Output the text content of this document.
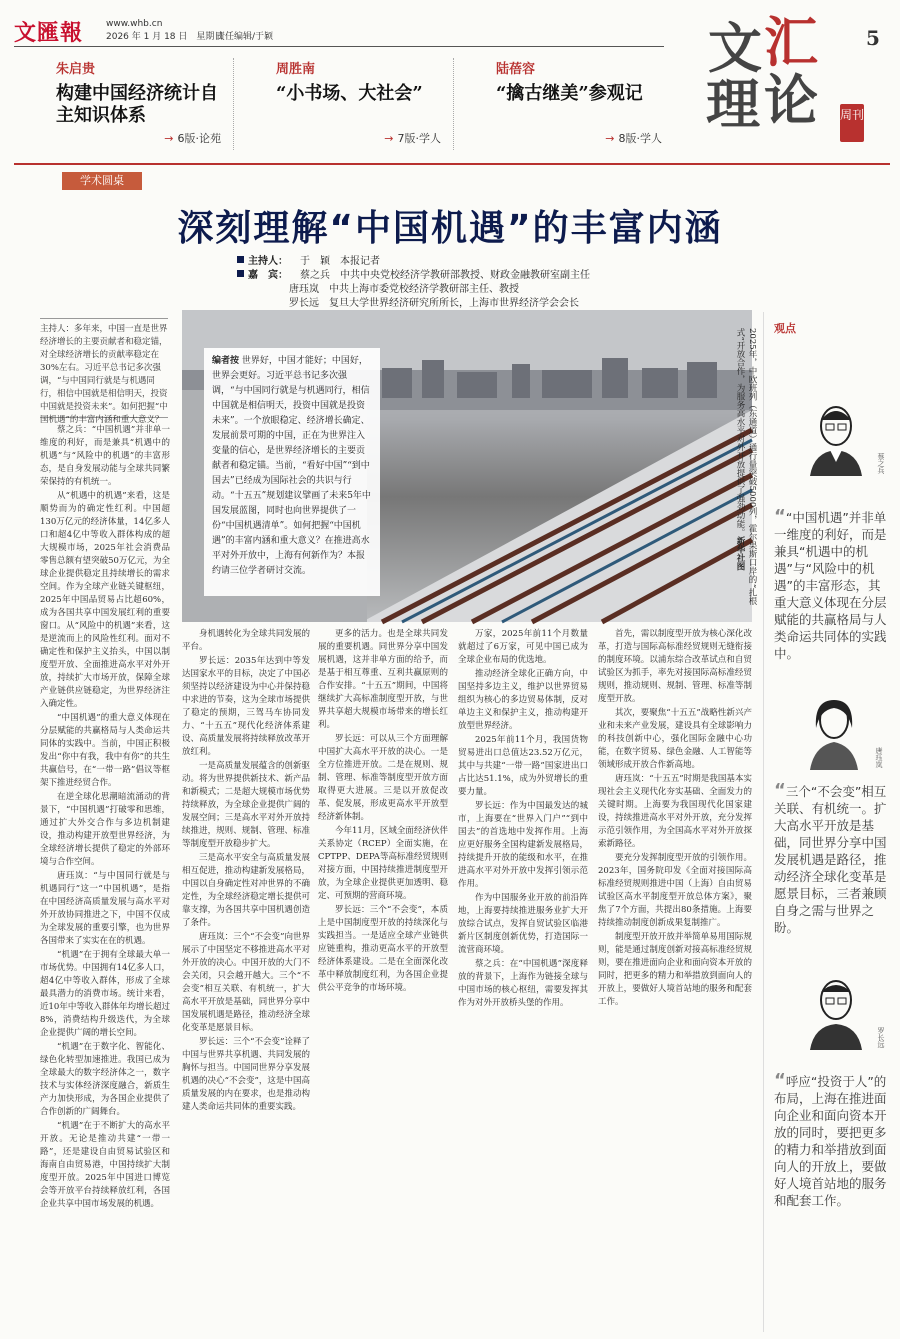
文匯報	www.whb.cn
2026 年 1 月 18 日　星期日
责任编辑/于颖
朱启贵
构建中国经济统计自主知识体系
→ 6版·论苑
周胜南
“小书场、大社会”
→ 7版·学人
陆蓓容
“擒古继美”参观记
→ 8版·学人
文 汇
理 论 周刊
5
学术圆桌
深刻理解“中国机遇”的丰富内涵
主持人： 于　颖　本报记者
嘉　宾： 蔡之兵　中共中央党校经济学教研部教授、财政金融教研室副主任
唐珏岚　中共上海市委党校经济学教研部主任、教授
罗长远　复旦大学世界经济研究所所长，上海市世界经济学会会长
主持人：多年来，中国一直是世界经济增长的主要贡献者和稳定锚，对全球经济增长的贡献率稳定在30%左右。习近平总书记多次强调，“与中国同行就是与机遇同行，相信中国就是相信明天，投资中国就是投资未来”。如何把握“中国机遇”的丰富内涵和重大意义？
编者按 世界好，中国才能好；中国好，世界会更好。习近平总书记多次强调，“与中国同行就是与机遇同行，相信中国就是相信明天，投资中国就是投资未来”。一个放眼稳定、经济增长确定、发展前景可期的中国，正在为世界注入变量的信心，是世界经济增长的主要贡献者和稳定锚。当前，“看好中国”“到中国去”已经成为国际社会的共识与行动。“十五五”规划建议擘画了未来5年中国发展蓝图，同时也向世界提供了一份“中国机遇清单”。如何把握“中国机遇”的丰富内涵和重大意义？在推进高水平对外开放中，上海有何新作为？本报约请三位学者研讨交流。	2025年，中欧班列（东通道）通行量突破5000列，霍尔果斯口岸的“扎根式”开放合作，为服务高水平对外开放提供了强劲动能。新华社图
观点
蔡之兵
““中国机遇”并非单一维度的利好，而是兼具“机遇中的机遇”与“风险中的机遇”的丰富形态，其重大意义体现在分层赋能的共赢格局与人类命运共同体的实践中。
唐珏岚
“三个“不会变”相互关联、有机统一。扩大高水平开放是基础，同世界分享中国发展机遇是路径，推动经济全球化变革是愿景目标，三者兼顾自身之需与世界之盼。
罗长远
“呼应“投资于人”的布局，上海在推进面向企业和面向资本开放的同时，要把更多的精力和举措放到面向人的开放上，要做好人境首站地的服务和配套工作。

蔡之兵：“中国机遇”并非单一维度的利好，而是兼具“机遇中的机遇”与“风险中的机遇”的丰富形态，是自身发展动能与全球共同繁荣保持的有机统一。

从“机遇中的机遇”来看，这是顺势而为的确定性红利。中国超130万亿元的经济体量，14亿多人口和超4亿中等收入群体构成的超大规模市场，2025年社会消费品零售总额有望突破50万亿元，为全球企业提供稳定且持续增长的需求空间。作为全球产业链关键枢纽，2025年中国品贸易占比超60%，成为各国共享中国发展红利的重要窗口。从“风险中的机遇”来看，这是逆流而上的风险性红利。面对不确定性和保护主义抬头，中国以制度型开放、全面推进高水平对外开放，持续扩大市场开放，保障全球产业链供应链稳定，为世界经济注入确定性。

“中国机遇”的重大意义体现在分层赋能的共赢格局与人类命运共同体的实践中。当前，中国正积极发出“你中有我，我中有你”的共生共赢信号，在“一带一路”倡议等框架下推进经贸合作。

在逆全球化思潮暗流涌动的背景下，“中国机遇”打破零和思维，通过扩大外交合作与多边机制建设，推动构建开放型世界经济，为全球经济增长提供了稳定的外部环境与合作空间。

唐珏岚：“与中国同行就是与机遇同行”这一“中国机遇”，是指在中国经济高质量发展与高水平对外开放协同推进之下，中国不仅成为全球发展的重要引擎，也为世界各国带来了实实在在的机遇。

“机遇”在于拥有全球最大单一市场优势。中国拥有14亿多人口，超4亿中等收入群体，形成了全球最具潜力的消费市场。统计来看，近10年中等收入群体年均增长超过8%，消费结构升级迭代，为全球企业提供广阔的增长空间。

“机遇”在于数字化、智能化、绿色化转型加速推进。我国已成为全球最大的数字经济体之一，数字技术与实体经济深度融合，新质生产力加快形成，为各国企业提供了合作创新的广阔舞台。

“机遇”在于不断扩大的高水平开放。无论是推动共建“一带一路”，还是建设自由贸易试验区和海南自由贸易港，中国持续扩大制度型开放。2025年中国进口博览会等开放平台持续释放红利，各国企业共享中国市场发展的机遇。

身机遇转化为全球共同发展的平台。

罗长远：2035年达到中等发达国家水平的目标，决定了中国必须坚持以经济建设为中心并保持稳中求进的节奏，这为全球市场提供了稳定的预期，三驾马车协同发力、“十五五”现代化经济体系建设、高质量发展将持续释放改革开放红利。

一是高质量发展蕴含的创新驱动。将为世界提供新技术、新产品和新模式；二是超大规模市场优势持续释放，为全球企业提供广阔的发展空间；三是高水平对外开放持续推进，规则、规制、管理、标准等制度型开放稳步扩大。

三是高水平安全与高质量发展相互促进，推动构建新发展格局，中国以自身确定性对冲世界的不确定性，为全球经济稳定增长提供可靠支撑，为各国共享中国机遇创造了条件。

唐珏岚：三个“不会变”向世界展示了中国坚定不移推进高水平对外开放的决心。中国开放的大门不会关闭，只会越开越大。三个“不会变”相互关联、有机统一，扩大高水平开放是基础，同世界分享中国发展机遇是路径，推动经济全球化变革是愿景目标。

罗长远：三个“不会变”诠释了中国与世界共享机遇、共同发展的胸怀与担当。中国同世界分享发展机遇的决心“不会变”，这是中国高质量发展的内在要求，也是推动构建人类命运共同体的重要实践。

更多的活力。也是全球共同发展的重要机遇。同世界分享中国发展机遇，这并非单方面的给予，而是基于相互尊重、互利共赢原则的合作安排。“十五五”期间，中国将继续扩大高标准制度型开放，与世界共享超大规模市场带来的增长红利。

罗长远：可以从三个方面理解中国扩大高水平开放的决心。一是全方位推进开放。二是在规则、规制、管理、标准等制度型开放方面取得更大进展。三是以开放促改革、促发展，形成更高水平开放型经济新体制。

今年11月，区域全面经济伙伴关系协定（RCEP）全面实施，在CPTPP、DEPA等高标准经贸规则对接方面，中国持续推进制度型开放，为全球企业提供更加透明、稳定、可预期的营商环境。

罗长远：三个“不会变”，本质上是中国制度型开放的持续深化与实践担当。一是适应全球产业链供应链重构，推动更高水平的开放型经济体系建设。二是在全面深化改革中释放制度红利，为各国企业提供公平竞争的市场环境。

万家，2025年前11个月数量就超过了6万家，可见中国已成为全球企业布局的优选地。

推动经济全球化正确方向，中国坚持多边主义，维护以世界贸易组织为核心的多边贸易体制，反对单边主义和保护主义，推动构建开放型世界经济。

2025年前11个月，我国货物贸易进出口总值达23.52万亿元，其中与共建“一带一路”国家进出口占比达51.1%，成为外贸增长的重要力量。

罗长远：作为中国最发达的城市，上海要在“世界入门户”“到中国去”的首选地中发挥作用。上海应更好服务全国构建新发展格局，持续提升开放的能级和水平，在推进高水平对外开放中发挥引领示范作用。

作为中国服务业开放的前沿阵地，上海要持续推进服务业扩大开放综合试点，发挥自贸试验区临港新片区制度创新优势，打造国际一流营商环境。

蔡之兵：在“中国机遇”深度释放的背景下，上海作为链接全球与中国市场的核心枢纽，需要发挥其作为对外开放桥头堡的作用。

首先，需以制度型开放为核心深化改革，打造与国际高标准经贸规则无缝衔接的制度环境。以浦东综合改革试点和自贸试验区为抓手，率先对接国际高标准经贸规则，推动规则、规制、管理、标准等制度型开放。

其次，要聚焦“十五五”战略性新兴产业和未来产业发展，建设具有全球影响力的科技创新中心，强化国际金融中心功能，在数字贸易、绿色金融、人工智能等领域形成开放合作新高地。

唐珏岚：“十五五”时期是我国基本实现社会主义现代化夯实基础、全面发力的关键时期。上海要为我国现代化国家建设，持续推进高水平对外开放，充分发挥示范引领作用，为全国高水平对外开放探索新路径。

要充分发挥制度型开放的引领作用。2023年，国务院印发《全面对接国际高标准经贸规则推进中国（上海）自由贸易试验区高水平制度型开放总体方案》，聚焦了7个方面，共提出80条措施。上海要持续推动制度创新成果复制推广。

制度型开放开放并举简单易用国际规则，能是通过制度创新对接高标准经贸规则，要在推进面向企业和面向资本开放的同时，把更多的精力和举措放到面向人的开放上，要做好人境首站地的服务和配套工作。
